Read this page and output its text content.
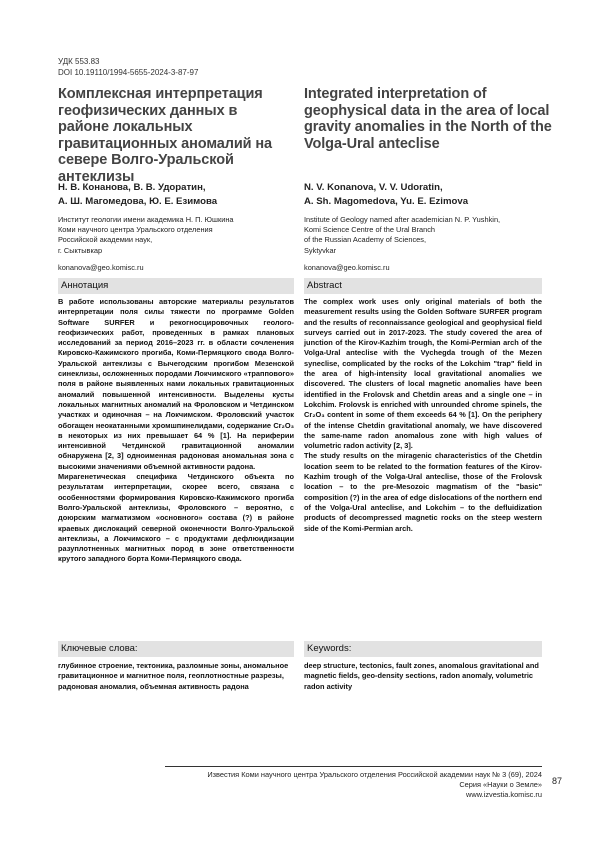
УДК 553.83
DOI 10.19110/1994-5655-2024-3-87-97
Комплексная интерпретация геофизических данных в районе локальных гравитационных аномалий на севере Волго-Уральской антеклизы
Integrated interpretation of geophysical data in the area of local gravity anomalies in the North of the Volga-Ural anteclise
Н. В. Конанова, В. В. Удоратин,
А. Ш. Магомедова, Ю. Е. Езимова
N. V. Konanova, V. V. Udoratin,
A. Sh. Magomedova, Yu. E. Ezimova
Институт геологии имени академика Н. П. Юшкина
Коми научного центра Уральского отделения
Российской академии наук,
г. Сыктывкар
Institute of Geology named after academician N. P. Yushkin,
Komi Science Centre of the Ural Branch
of the Russian Academy of Sciences,
Syktyvkar
konanova@geo.komisc.ru	konanova@geo.komisc.ru
Аннотация	Abstract

В работе использованы авторские материалы результатов интерпретации поля силы тяжести по программе Golden Software SURFER и рекогносцировочных геолого-геофизических работ, проведенных в рамках плановых исследований за период 2016–2023 гг. в области сочленения Кировско-Кажимского прогиба, Коми-Пермяцкого свода Волго-Уральской антеклизы с Вычегодским прогибом Мезенской синеклизы, осложненных породами Локчимского «траппового» поля в районе выявленных нами локальных гравитационных аномалий повышенной интенсивности. Выделены кусты локальных магнитных аномалий на Фроловском и Четдинском участках и одиночная – на Локчимском. Фроловский участок обогащен неокатанными хромшпинелидами, содержание Cr₂O₃ в некоторых из них превышает 64 % [1]. На периферии интенсивной Четдинской гравитационной аномалии обнаружена [2, 3] одноименная радоновая аномальная зона с высокими значениями объемной активности радона.

Мирагенетическая специфика Четдинского объекта по результатам интерпретации, скорее всего, связана с особенностями формирования Кировско-Кажимского прогиба Волго-Уральской антеклизы, Фроловского – вероятно, с доюрским магматизмом «основного» состава (?) в районе краевых дислокаций северной оконечности Волго-Уральской антеклизы, а Локчимского – с продуктами дефлюидизации разуплотненных магнитных пород в зоне ответственности крутого западного борта Коми-Пермяцкого свода.

The complex work uses only original materials of both the measurement results using the Golden Software SURFER program and the results of reconnaissance geological and geophysical field surveys carried out in 2017-2023. The study covered the area of junction of the Kirov-Kazhim trough, the Komi-Permian arch of the Volga-Ural anteclise with the Vychegda trough of the Mezen syneclise, complicated by the rocks of the Lokchim "trap" field in the area of high-intensity local gravitational anomalies we discovered. The clusters of local magnetic anomalies have been identified in the Frolovsk and Chetdin areas and a single one – in Lokchim. Frolovsk is enriched with unrounded chrome spinels, the Cr₂O₃ content in some of them exceeds 64 % [1]. On the periphery of the intense Chetdin gravitational anomaly, we have discovered the same-name radon anomalous zone with high values of volumetric radon activity [2, 3].

The study results on the miragenic characteristics of the Chetdin location seem to be related to the formation features of the Kirov-Kazhim trough of the Volga-Ural anteclise, those of the Frolovsk location – to the pre-Mesozoic magmatism of the "basic" composition (?) in the area of edge dislocations of the northern end of the Volga-Ural anteclise, and Lokchim – to the defluidization products of decompressed magnetic rocks on the steep western side of the Komi-Permian arch.

Ключевые слова:	Keywords:
глубинное строение, тектоника, разломные зоны, аномальное гравитационное и магнитное поля, геоплотностные разрезы, радоновая аномалия, объемная активность радона
deep structure, tectonics, fault zones, anomalous gravitational and magnetic fields, geo-density sections, radon anomaly, volumetric radon activity
Известия Коми научного центра Уральского отделения Российской академии наук № 3 (69), 2024
Серия «Науки о Земле»
www.izvestia.komisc.ru
87
